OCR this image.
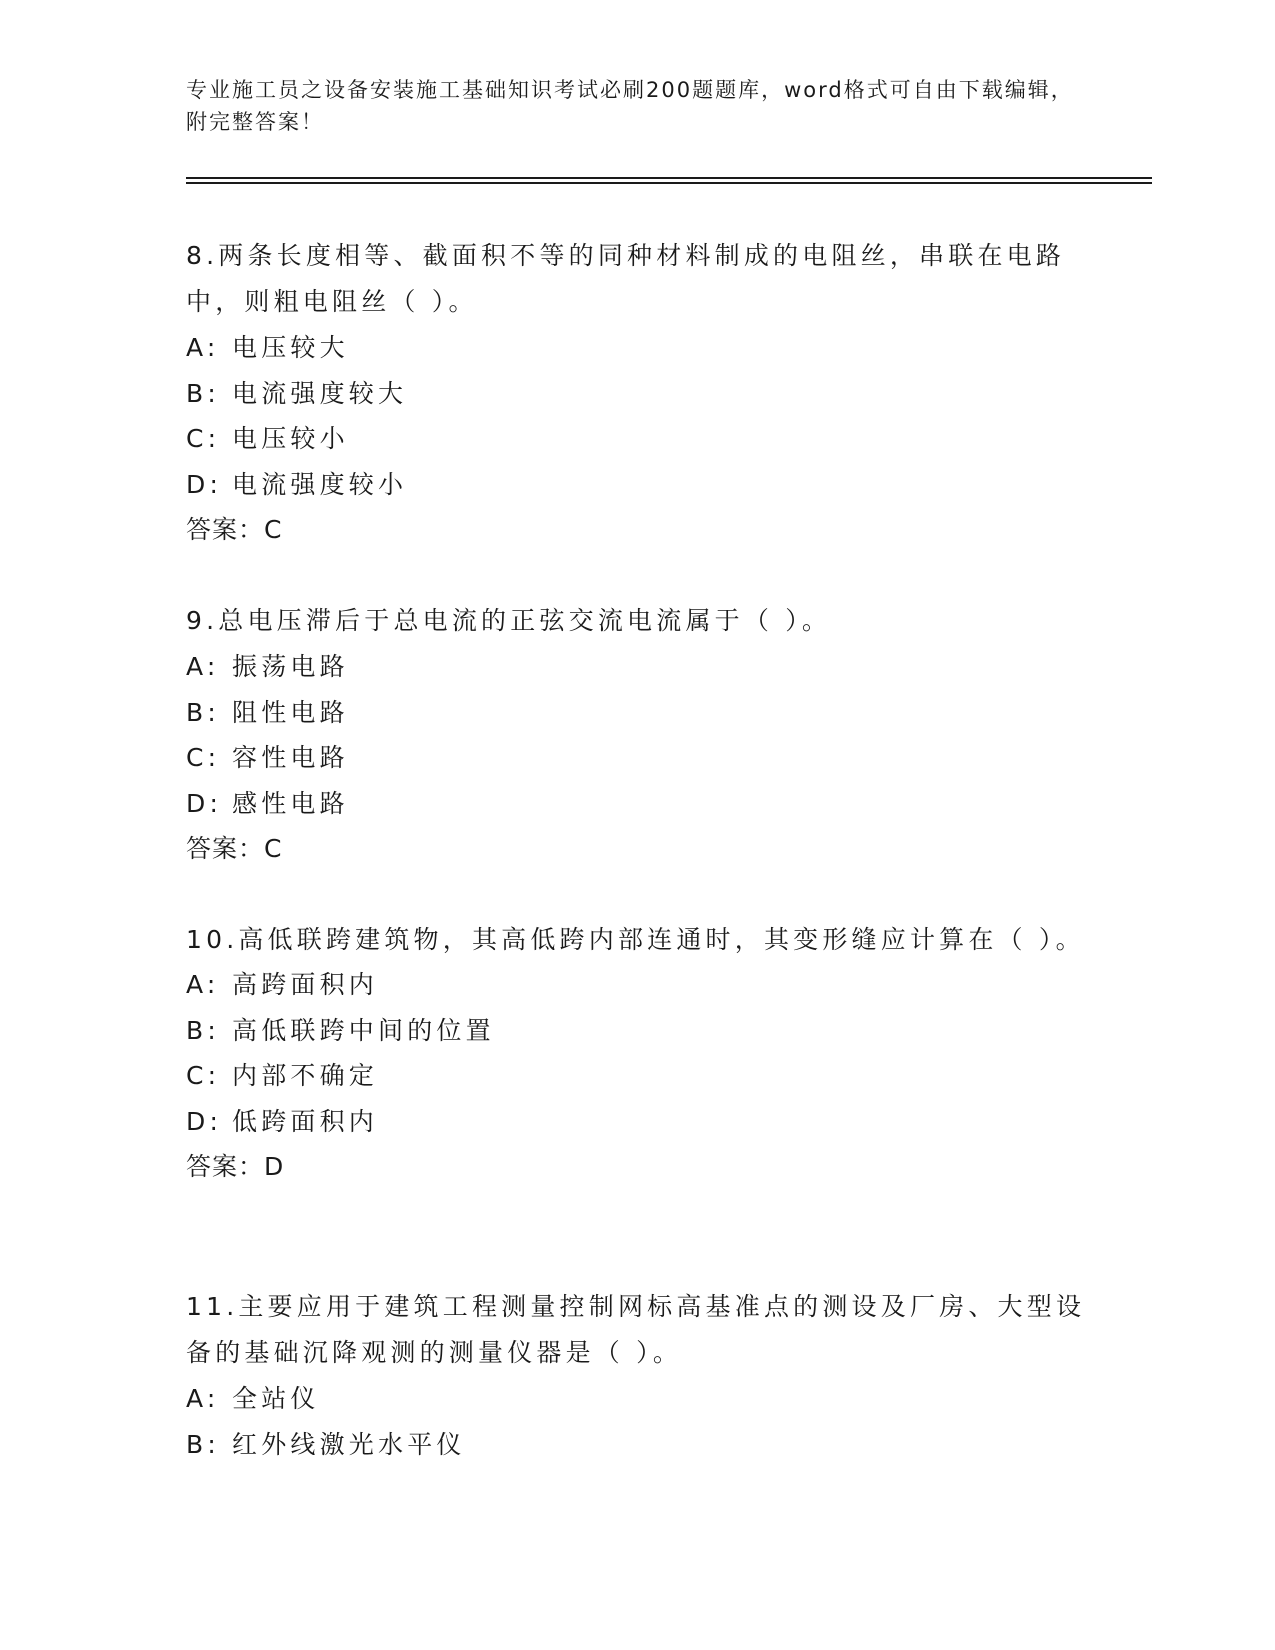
专业施工员之设备安装施工基础知识考试必刷200题题库，word格式可自由下载编辑，附完整答案！

8.两条长度相等、截面积不等的同种材料制成的电阻丝，串联在电路中，则粗电阻丝（ ）。

A: 电压较大
B: 电流强度较大
C: 电压较小
D: 电流强度较小
答案：C

9.总电压滞后于总电流的正弦交流电流属于（ ）。

A: 振荡电路
B: 阻性电路
C: 容性电路
D: 感性电路
答案：C

10.高低联跨建筑物，其高低跨内部连通时，其变形缝应计算在（ ）。

A: 高跨面积内
B: 高低联跨中间的位置
C: 内部不确定
D: 低跨面积内
答案：D

11.主要应用于建筑工程测量控制网标高基准点的测设及厂房、大型设备的基础沉降观测的测量仪器是（ ）。

A: 全站仪
B: 红外线激光水平仪
